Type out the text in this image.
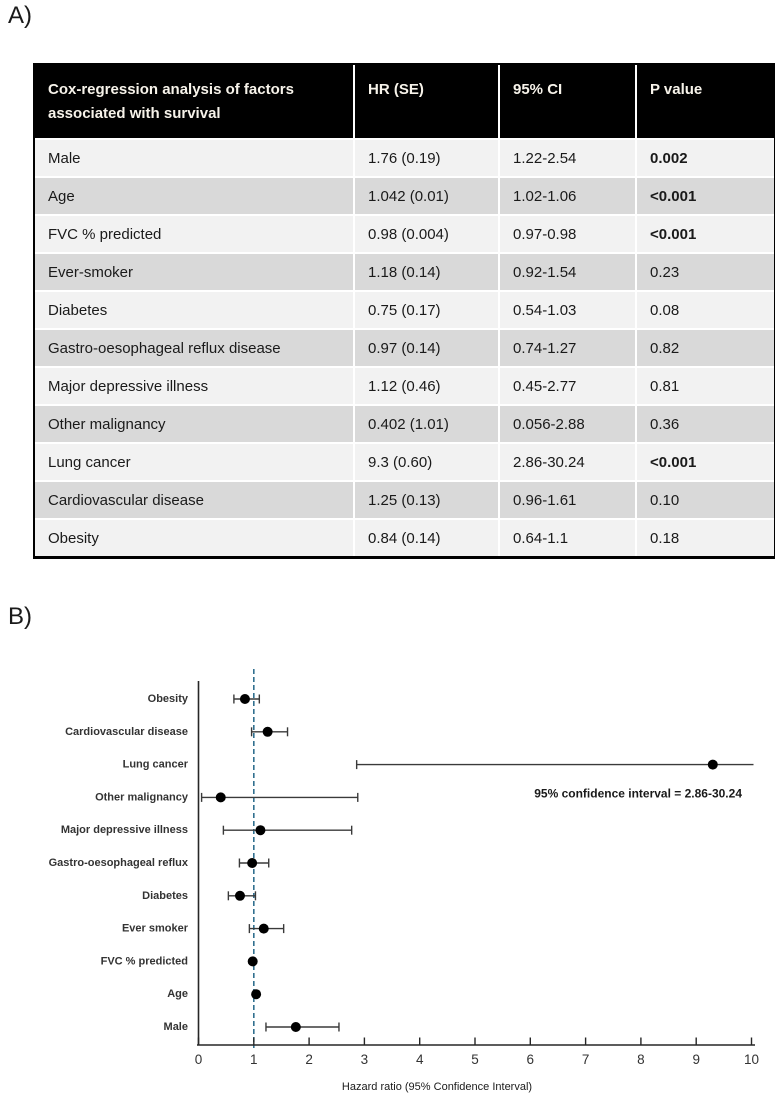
A)
Cox-regression analysis of factors associated with survival
HR (SE)	95% CI	P value
Male	1.76 (0.19)	1.22-2.54	0.002
Age	1.042 (0.01)	1.02-1.06	<0.001
FVC % predicted	0.98 (0.004)	0.97-0.98	<0.001
Ever-smoker	1.18 (0.14)	0.92-1.54	0.23
Diabetes	0.75 (0.17)	0.54-1.03	0.08
Gastro-oesophageal reflux disease	0.97 (0.14)	0.74-1.27	0.82
Major depressive illness	1.12 (0.46)	0.45-2.77	0.81
Other malignancy	0.402 (1.01)	0.056-2.88	0.36
Lung cancer	9.3 (0.60)	2.86-30.24	<0.001
Cardiovascular disease	1.25 (0.13)	0.96-1.61	0.10
Obesity	0.84 (0.14)	0.64-1.1	0.18
B)
0	1	2	3	4	5	6	7	8	9	10
Hazard ratio (95% Confidence Interval)
Obesity
Cardiovascular disease
Lung cancer
Other malignancy
Major depressive illness
Gastro-oesophageal reflux
Diabetes
Ever smoker
FVC % predicted
Age
Male
95% confidence interval = 2.86-30.24
